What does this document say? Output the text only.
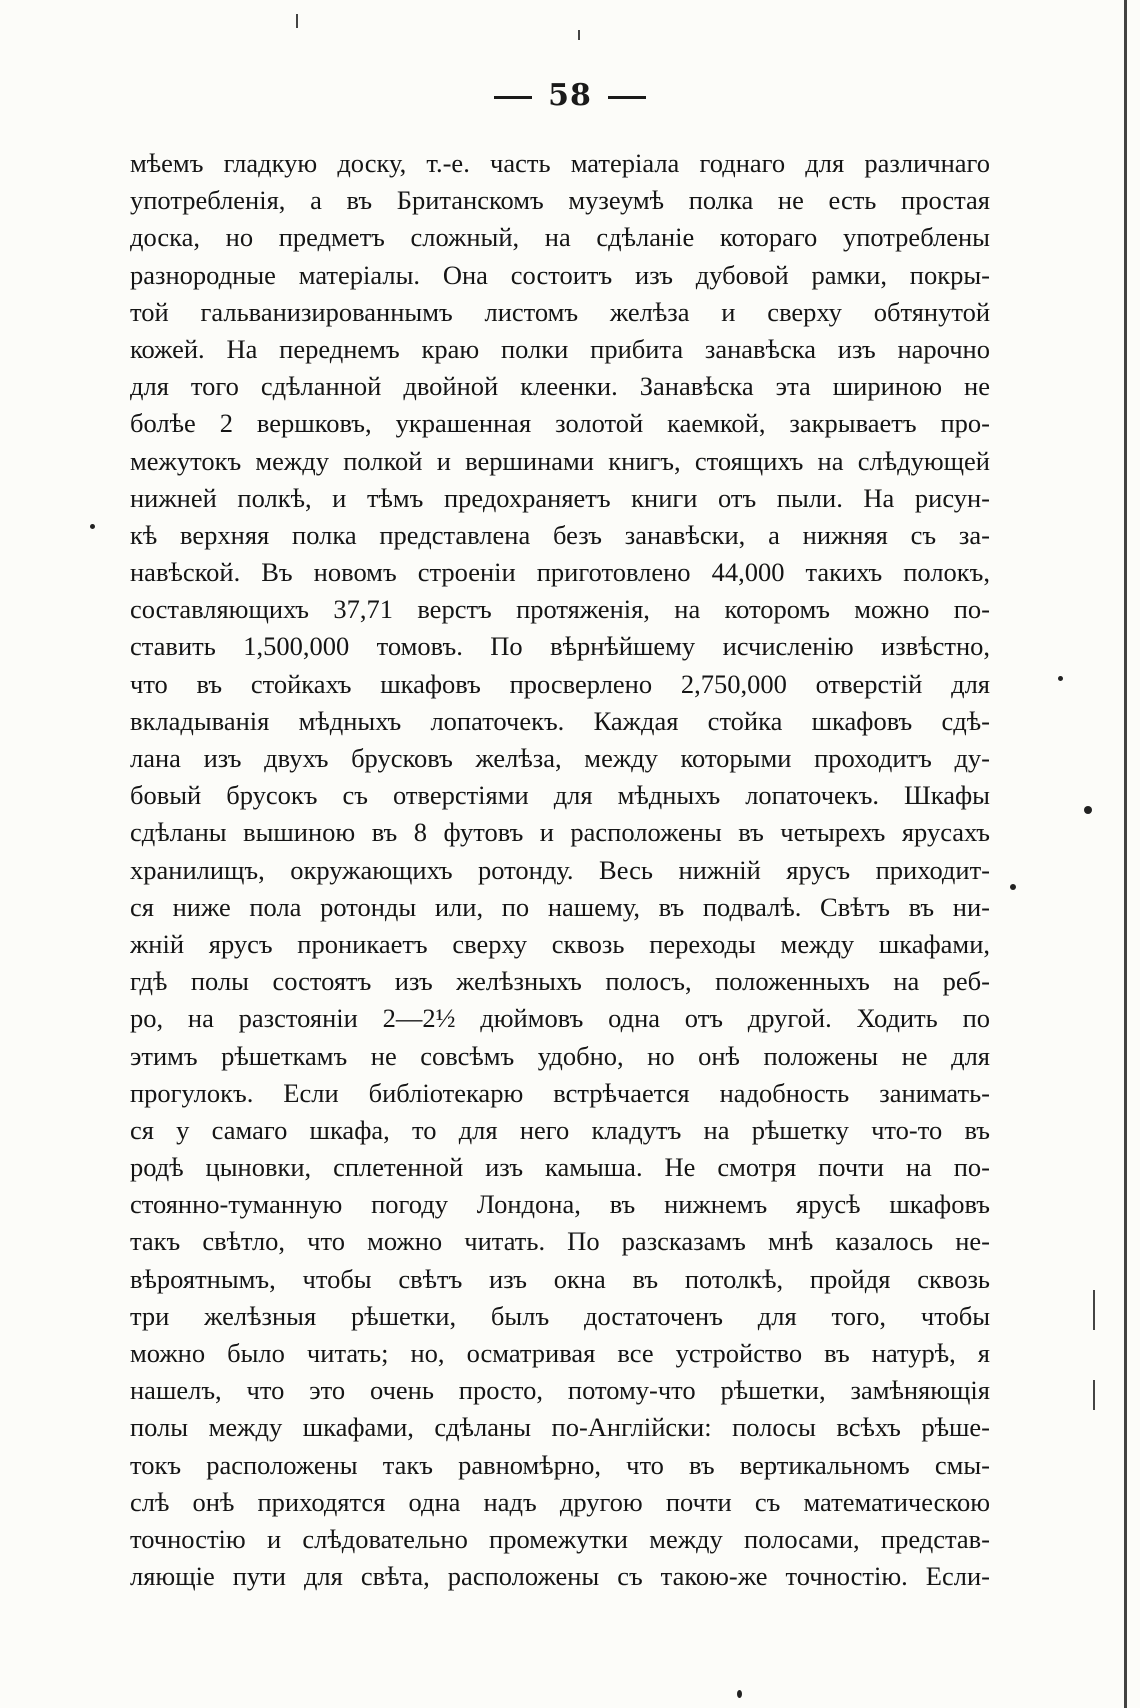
58
мѣемъ гладкую доску, т.-е. часть матеріала годнаго для различнаго
употребленія, а въ Британскомъ музеумѣ полка не есть простая
доска, но предметъ сложный, на сдѣланіе котораго употреблены
разнородные матеріалы. Она состоитъ изъ дубовой рамки, покры-
той гальванизированнымъ листомъ желѣза и сверху обтянутой
кожей. На переднемъ краю полки прибита занавѣска изъ нарочно
для того сдѣланной двойной клеенки. Занавѣска эта шириною не
болѣе 2 вершковъ, украшенная золотой каемкой, закрываетъ про-
межутокъ между полкой и вершинами книгъ, стоящихъ на слѣдующей
нижней полкѣ, и тѣмъ предохраняетъ книги отъ пыли. На рисун-
кѣ верхняя полка представлена безъ занавѣски, а нижняя съ за-
навѣской. Въ новомъ строеніи приготовлено 44,000 такихъ полокъ,
составляющихъ 37,71 верстъ протяженія, на которомъ можно по-
ставить 1,500,000 томовъ. По вѣрнѣйшему исчисленію извѣстно,
что въ стойкахъ шкафовъ просверлено 2,750,000 отверстій для
вкладыванія мѣдныхъ лопаточекъ. Каждая стойка шкафовъ сдѣ-
лана изъ двухъ брусковъ желѣза, между которыми проходитъ ду-
бовый брусокъ съ отверстіями для мѣдныхъ лопаточекъ. Шкафы
сдѣланы вышиною въ 8 футовъ и расположены въ четырехъ ярусахъ
хранилищъ, окружающихъ ротонду. Весь нижній ярусъ приходит-
ся ниже пола ротонды или, по нашему, въ подвалѣ. Свѣтъ въ ни-
жній ярусъ проникаетъ сверху сквозь переходы между шкафами,
гдѣ полы состоятъ изъ желѣзныхъ полосъ, положенныхъ на реб-
ро, на разстояніи 2—2½ дюймовъ одна отъ другой. Ходить по
этимъ рѣшеткамъ не совсѣмъ удобно, но онѣ положены не для
прогулокъ. Если библіотекарю встрѣчается надобность занимать-
ся у самаго шкафа, то для него кладутъ на рѣшетку что-то въ
родѣ цыновки, сплетенной изъ камыша. Не смотря почти на по-
стоянно-туманную погоду Лондона, въ нижнемъ ярусѣ шкафовъ
такъ свѣтло, что можно читать. По разсказамъ мнѣ казалось не-
вѣроятнымъ, чтобы свѣтъ изъ окна въ потолкѣ, пройдя сквозь
три желѣзныя рѣшетки, былъ достаточенъ для того, чтобы
можно было читать; но, осматривая все устройство въ натурѣ, я
нашелъ, что это очень просто, потому-что рѣшетки, замѣняющія
полы между шкафами, сдѣланы по-Англійски: полосы всѣхъ рѣше-
токъ расположены такъ равномѣрно, что въ вертикальномъ смы-
слѣ онѣ приходятся одна надъ другою почти съ математическою
точностію и слѣдовательно промежутки между полосами, представ-
ляющіе пути для свѣта, расположены съ такою-же точностію. Если-
